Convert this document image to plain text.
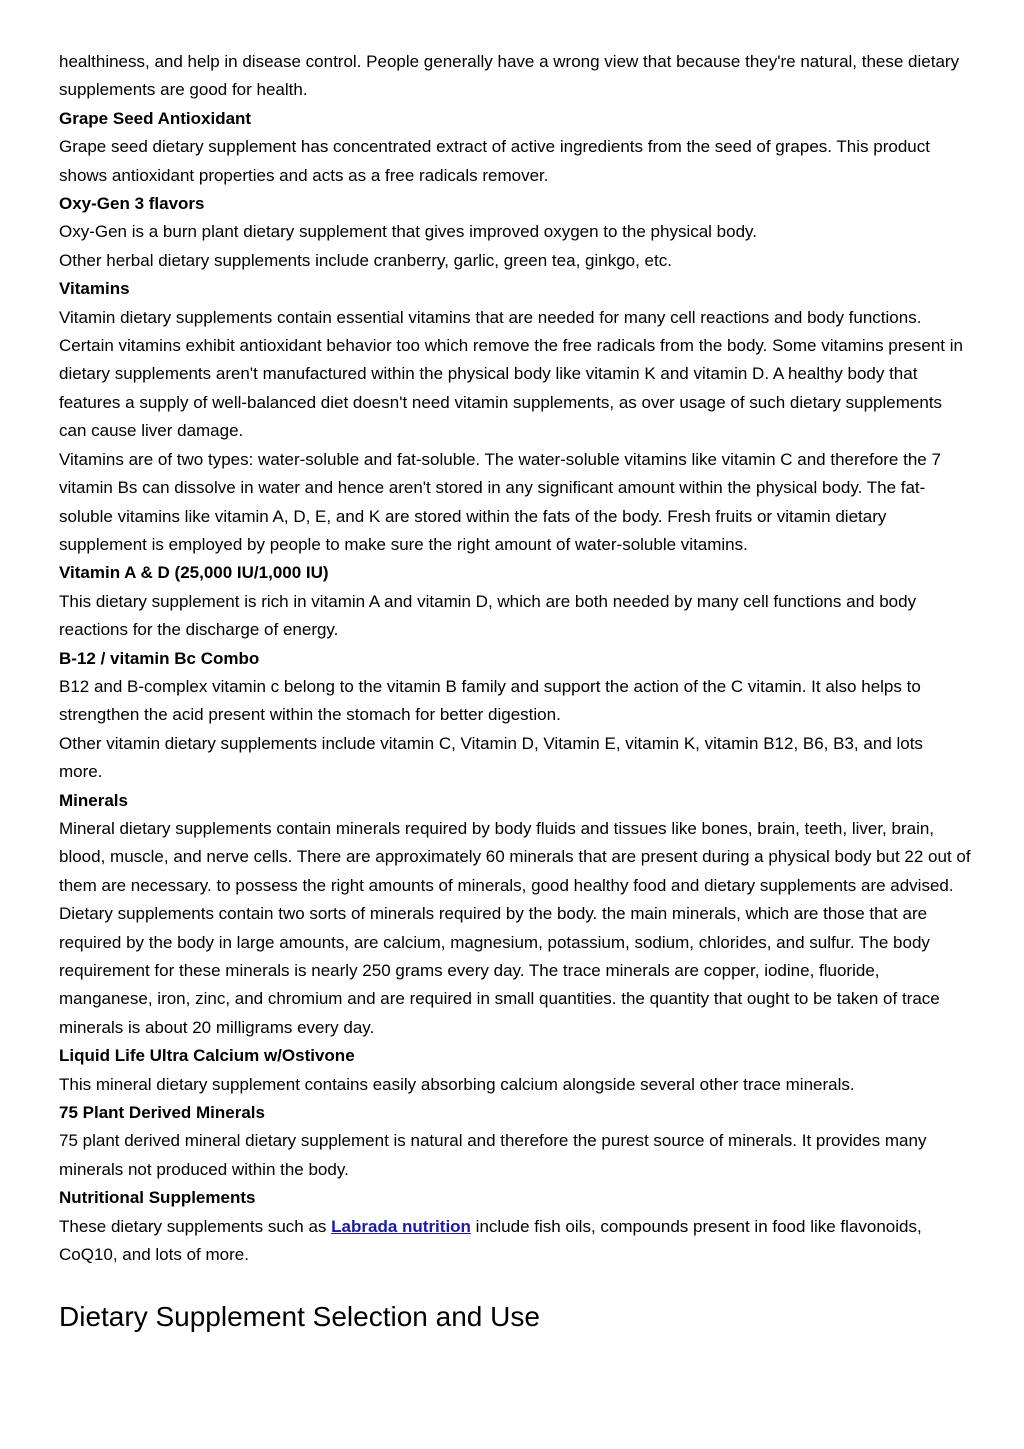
healthiness, and help in disease control. People generally have a wrong view that because they're natural, these dietary supplements are good for health.

Grape Seed Antioxidant

Grape seed dietary supplement has concentrated extract of active ingredients from the seed of grapes. This product shows antioxidant properties and acts as a free radicals remover.

Oxy-Gen 3 flavors

Oxy-Gen is a burn plant dietary supplement that gives improved oxygen to the physical body.

Other herbal dietary supplements include cranberry, garlic, green tea, ginkgo, etc.

Vitamins

Vitamin dietary supplements contain essential vitamins that are needed for many cell reactions and body functions. Certain vitamins exhibit antioxidant behavior too which remove the free radicals from the body. Some vitamins present in dietary supplements aren't manufactured within the physical body like vitamin K and vitamin D. A healthy body that features a supply of well-balanced diet doesn't need vitamin supplements, as over usage of such dietary supplements can cause liver damage.

Vitamins are of two types: water-soluble and fat-soluble. The water-soluble vitamins like vitamin C and therefore the 7 vitamin Bs can dissolve in water and hence aren't stored in any significant amount within the physical body. The fat-soluble vitamins like vitamin A, D, E, and K are stored within the fats of the body. Fresh fruits or vitamin dietary supplement is employed by people to make sure the right amount of water-soluble vitamins.

Vitamin A & D (25,000 IU/1,000 IU)

This dietary supplement is rich in vitamin A and vitamin D, which are both needed by many cell functions and body reactions for the discharge of energy.

B-12 / vitamin Bc Combo

B12 and B-complex vitamin c belong to the vitamin B family and support the action of the C vitamin. It also helps to strengthen the acid present within the stomach for better digestion.

Other vitamin dietary supplements include vitamin C, Vitamin D, Vitamin E, vitamin K, vitamin B12, B6, B3, and lots more.

Minerals

Mineral dietary supplements contain minerals required by body fluids and tissues like bones, brain, teeth, liver, brain, blood, muscle, and nerve cells. There are approximately 60 minerals that are present during a physical body but 22 out of them are necessary. to possess the right amounts of minerals, good healthy food and dietary supplements are advised.

Dietary supplements contain two sorts of minerals required by the body. the main minerals, which are those that are required by the body in large amounts, are calcium, magnesium, potassium, sodium, chlorides, and sulfur. The body requirement for these minerals is nearly 250 grams every day. The trace minerals are copper, iodine, fluoride, manganese, iron, zinc, and chromium and are required in small quantities. the quantity that ought to be taken of trace minerals is about 20 milligrams every day.

Liquid Life Ultra Calcium w/Ostivone

This mineral dietary supplement contains easily absorbing calcium alongside several other trace minerals.

75 Plant Derived Minerals

75 plant derived mineral dietary supplement is natural and therefore the purest source of minerals. It provides many minerals not produced within the body.

Nutritional Supplements

These dietary supplements such as Labrada nutrition include fish oils, compounds present in food like flavonoids, CoQ10, and lots of more.

Dietary Supplement Selection and Use
